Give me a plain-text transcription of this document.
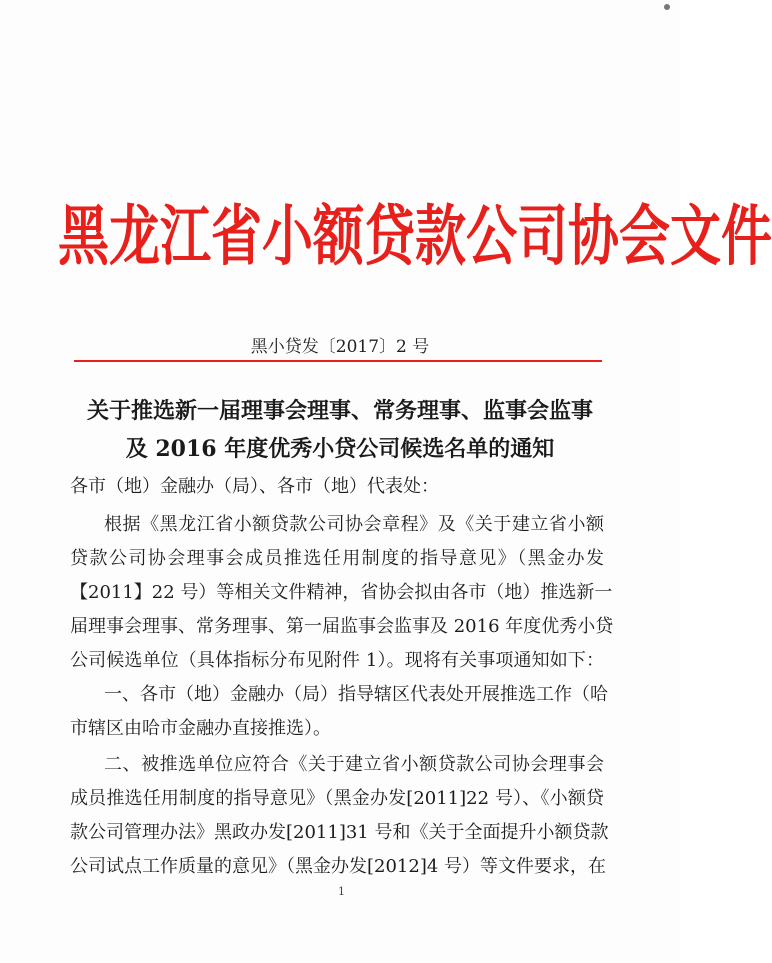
黑龙江省小额贷款公司协会文件
黑小贷发〔2017〕2 号
关于推选新一届理事会理事、常务理事、监事会监事
及 2016 年度优秀小贷公司候选名单的通知
各市（地）金融办（局）、各市（地）代表处：
根据《黑龙江省小额贷款公司协会章程》及《关于建立省小额
贷款公司协会理事会成员推选任用制度的指导意见》（黑金办发
【2011】22 号）等相关文件精神，省协会拟由各市（地）推选新一
届理事会理事、常务理事、第一届监事会监事及 2016 年度优秀小贷
公司候选单位（具体指标分布见附件 1）。现将有关事项通知如下：
一、各市（地）金融办（局）指导辖区代表处开展推选工作（哈
市辖区由哈市金融办直接推选）。
二、被推选单位应符合《关于建立省小额贷款公司协会理事会
成员推选任用制度的指导意见》（黑金办发[2011]22 号）、《小额贷
款公司管理办法》黑政办发[2011]31 号和《关于全面提升小额贷款
公司试点工作质量的意见》（黑金办发[2012]4 号）等文件要求，在
1
